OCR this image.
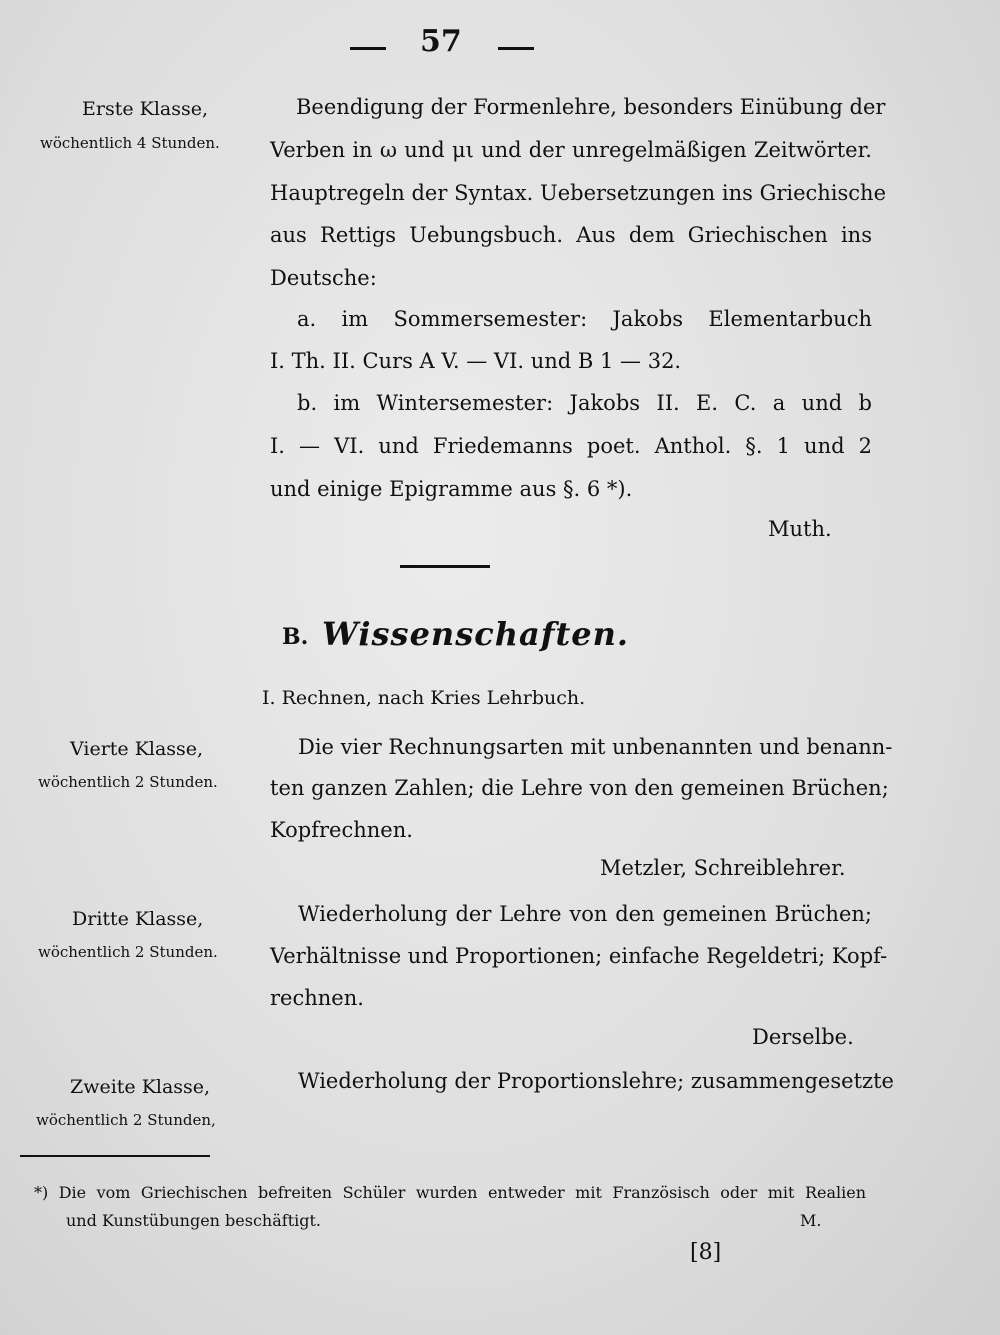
57
Erste Klasse,
wöchentlich 4 Stunden.
Beendigung der Formenlehre, besonders Einübung der
Verben in ω und μι und der unregelmäßigen Zeitwörter.
Hauptregeln der Syntax. Uebersetzungen ins Griechische
aus Rettigs Uebungsbuch. Aus dem Griechischen ins
Deutsche:
a. im Sommersemester: Jakobs Elementarbuch
I. Th. II. Curs A V. — VI. und B 1 — 32.
b. im Wintersemester: Jakobs II. E. C. a und b
I. — VI. und Friedemanns poet. Anthol. §. 1 und 2
und einige Epigramme aus §. 6 *).
Muth.
B. Wissenschaften.
I. Rechnen, nach Kries Lehrbuch.
Vierte Klasse,
wöchentlich 2 Stunden.
Die vier Rechnungsarten mit unbenannten und benann-
ten ganzen Zahlen; die Lehre von den gemeinen Brüchen;
Kopfrechnen.
Metzler, Schreiblehrer.
Dritte Klasse,
wöchentlich 2 Stunden.
Wiederholung der Lehre von den gemeinen Brüchen;
Verhältnisse und Proportionen; einfache Regeldetri; Kopf-
rechnen.
Derselbe.
Zweite Klasse,
wöchentlich 2 Stunden,
Wiederholung der Proportionslehre; zusammengesetzte
*) Die vom Griechischen befreiten Schüler wurden entweder mit Französisch oder mit Realien
und Kunstübungen beschäftigt.	M.
[8]
